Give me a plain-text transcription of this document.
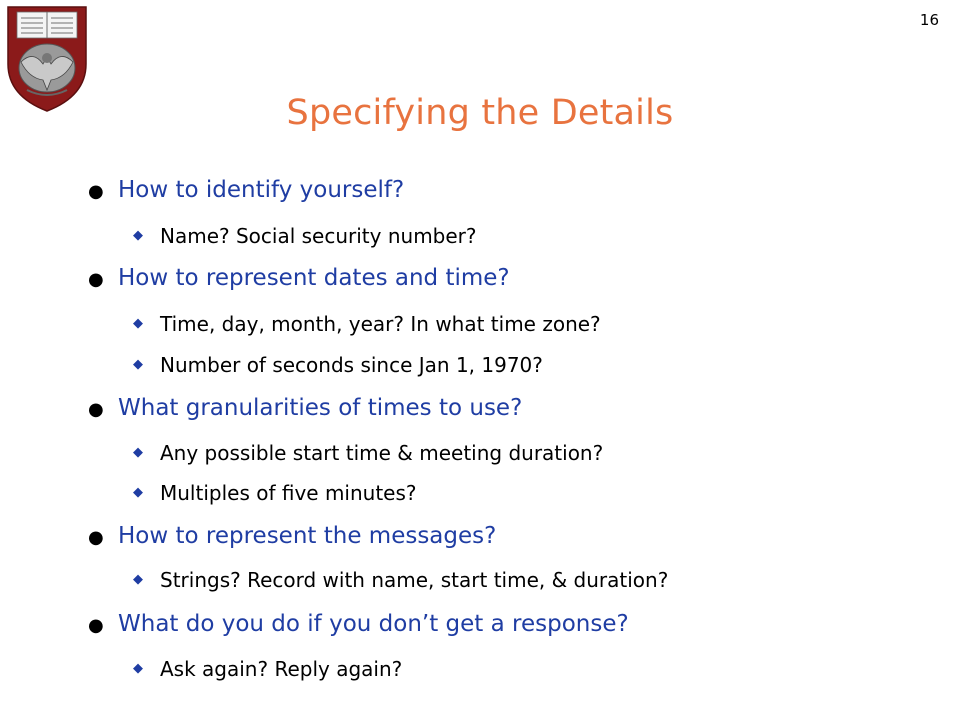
16
Specifying the Details
● How to identify yourself?
◆ Name? Social security number?
● How to represent dates and time?
◆ Time, day, month, year? In what time zone?
◆ Number of seconds since Jan 1, 1970?
● What granularities of times to use?
◆ Any possible start time & meeting duration?
◆ Multiples of five minutes?
● How to represent the messages?
◆ Strings? Record with name, start time, & duration?
● What do you do if you don’t get a response?
◆ Ask again? Reply again?
